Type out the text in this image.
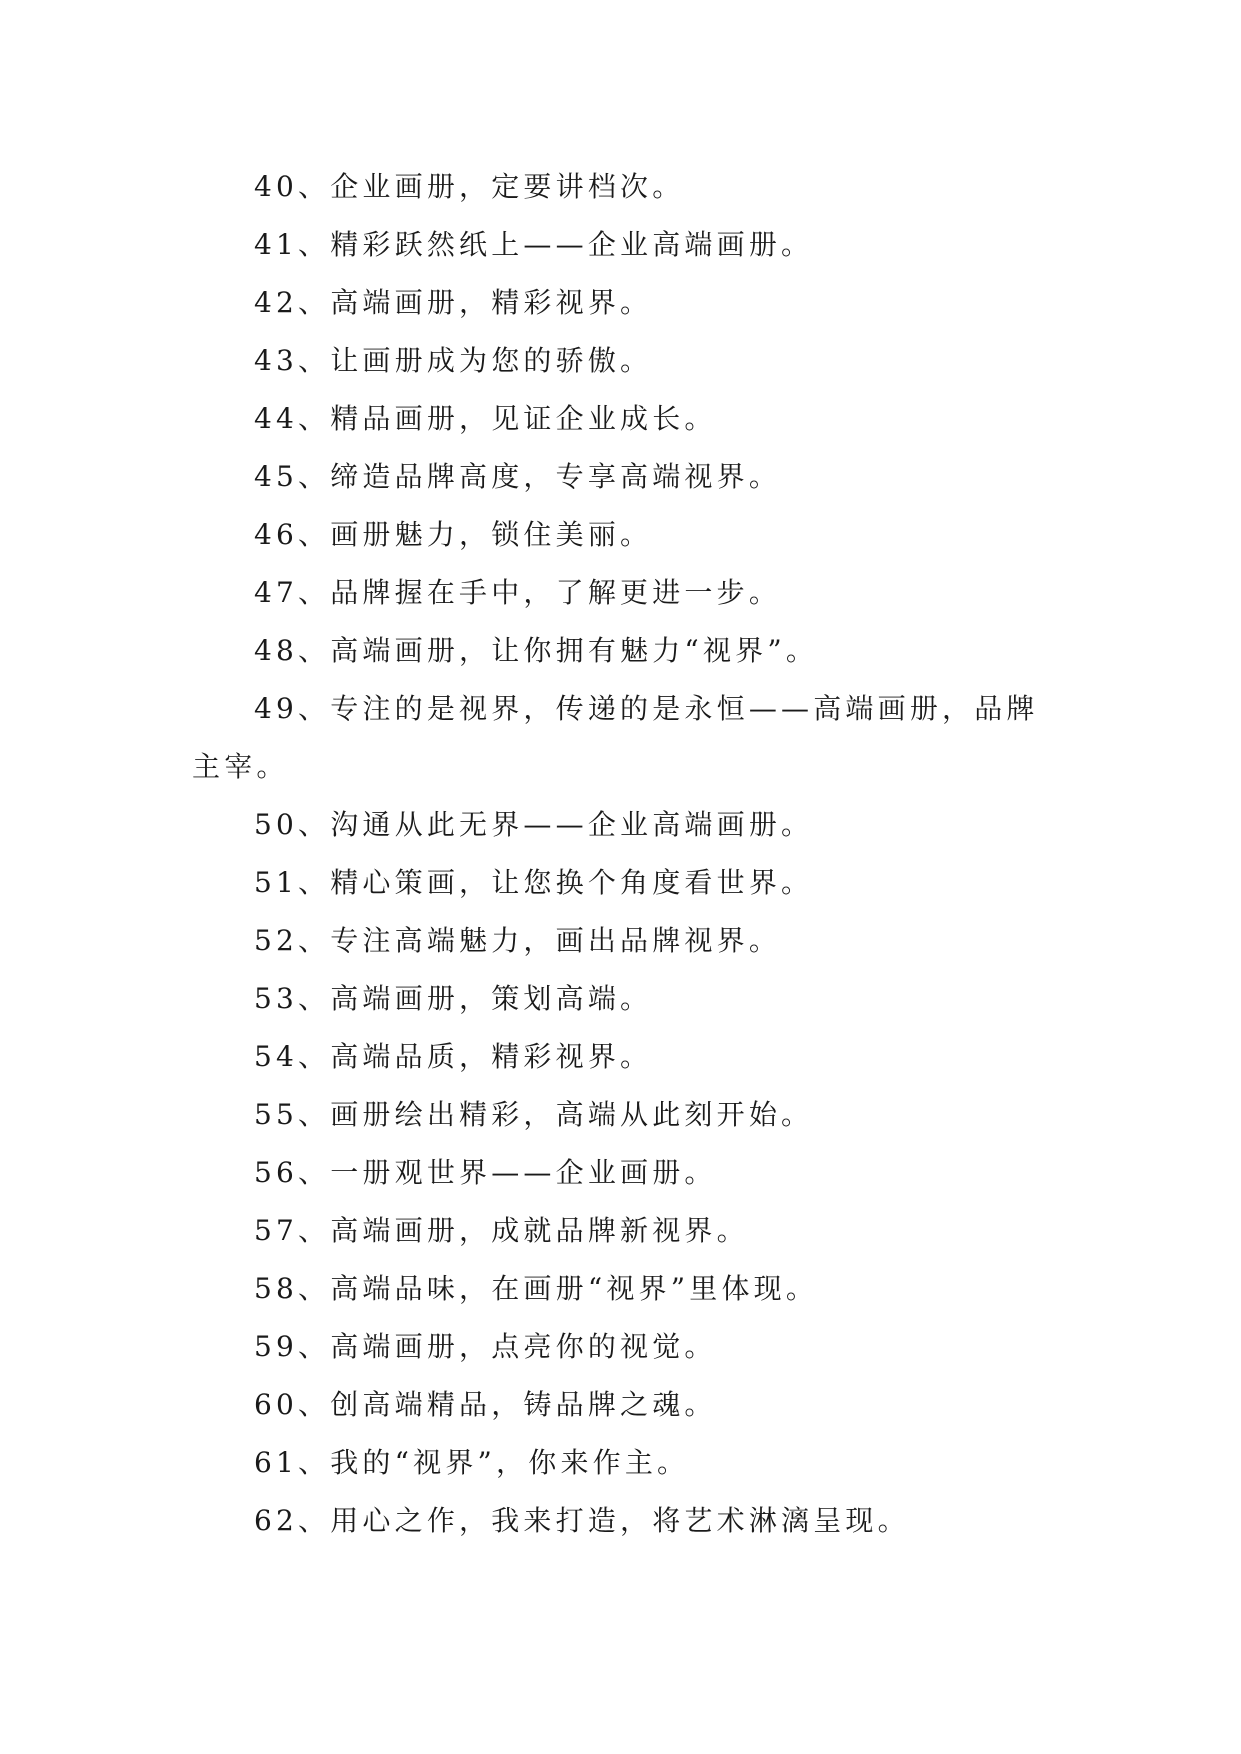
40、企业画册，定要讲档次。

41、精彩跃然纸上——企业高端画册。

42、高端画册，精彩视界。

43、让画册成为您的骄傲。

44、精品画册，见证企业成长。

45、缔造品牌高度，专享高端视界。

46、画册魅力，锁住美丽。

47、品牌握在手中，了解更进一步。

48、高端画册，让你拥有魅力“视界”。

49、专注的是视界，传递的是永恒——高端画册，品牌主宰。

50、沟通从此无界——企业高端画册。

51、精心策画，让您换个角度看世界。

52、专注高端魅力，画出品牌视界。

53、高端画册，策划高端。

54、高端品质，精彩视界。

55、画册绘出精彩，高端从此刻开始。

56、一册观世界——企业画册。

57、高端画册，成就品牌新视界。

58、高端品味，在画册“视界”里体现。

59、高端画册，点亮你的视觉。

60、创高端精品，铸品牌之魂。

61、我的“视界”，你来作主。

62、用心之作，我来打造，将艺术淋漓呈现。
